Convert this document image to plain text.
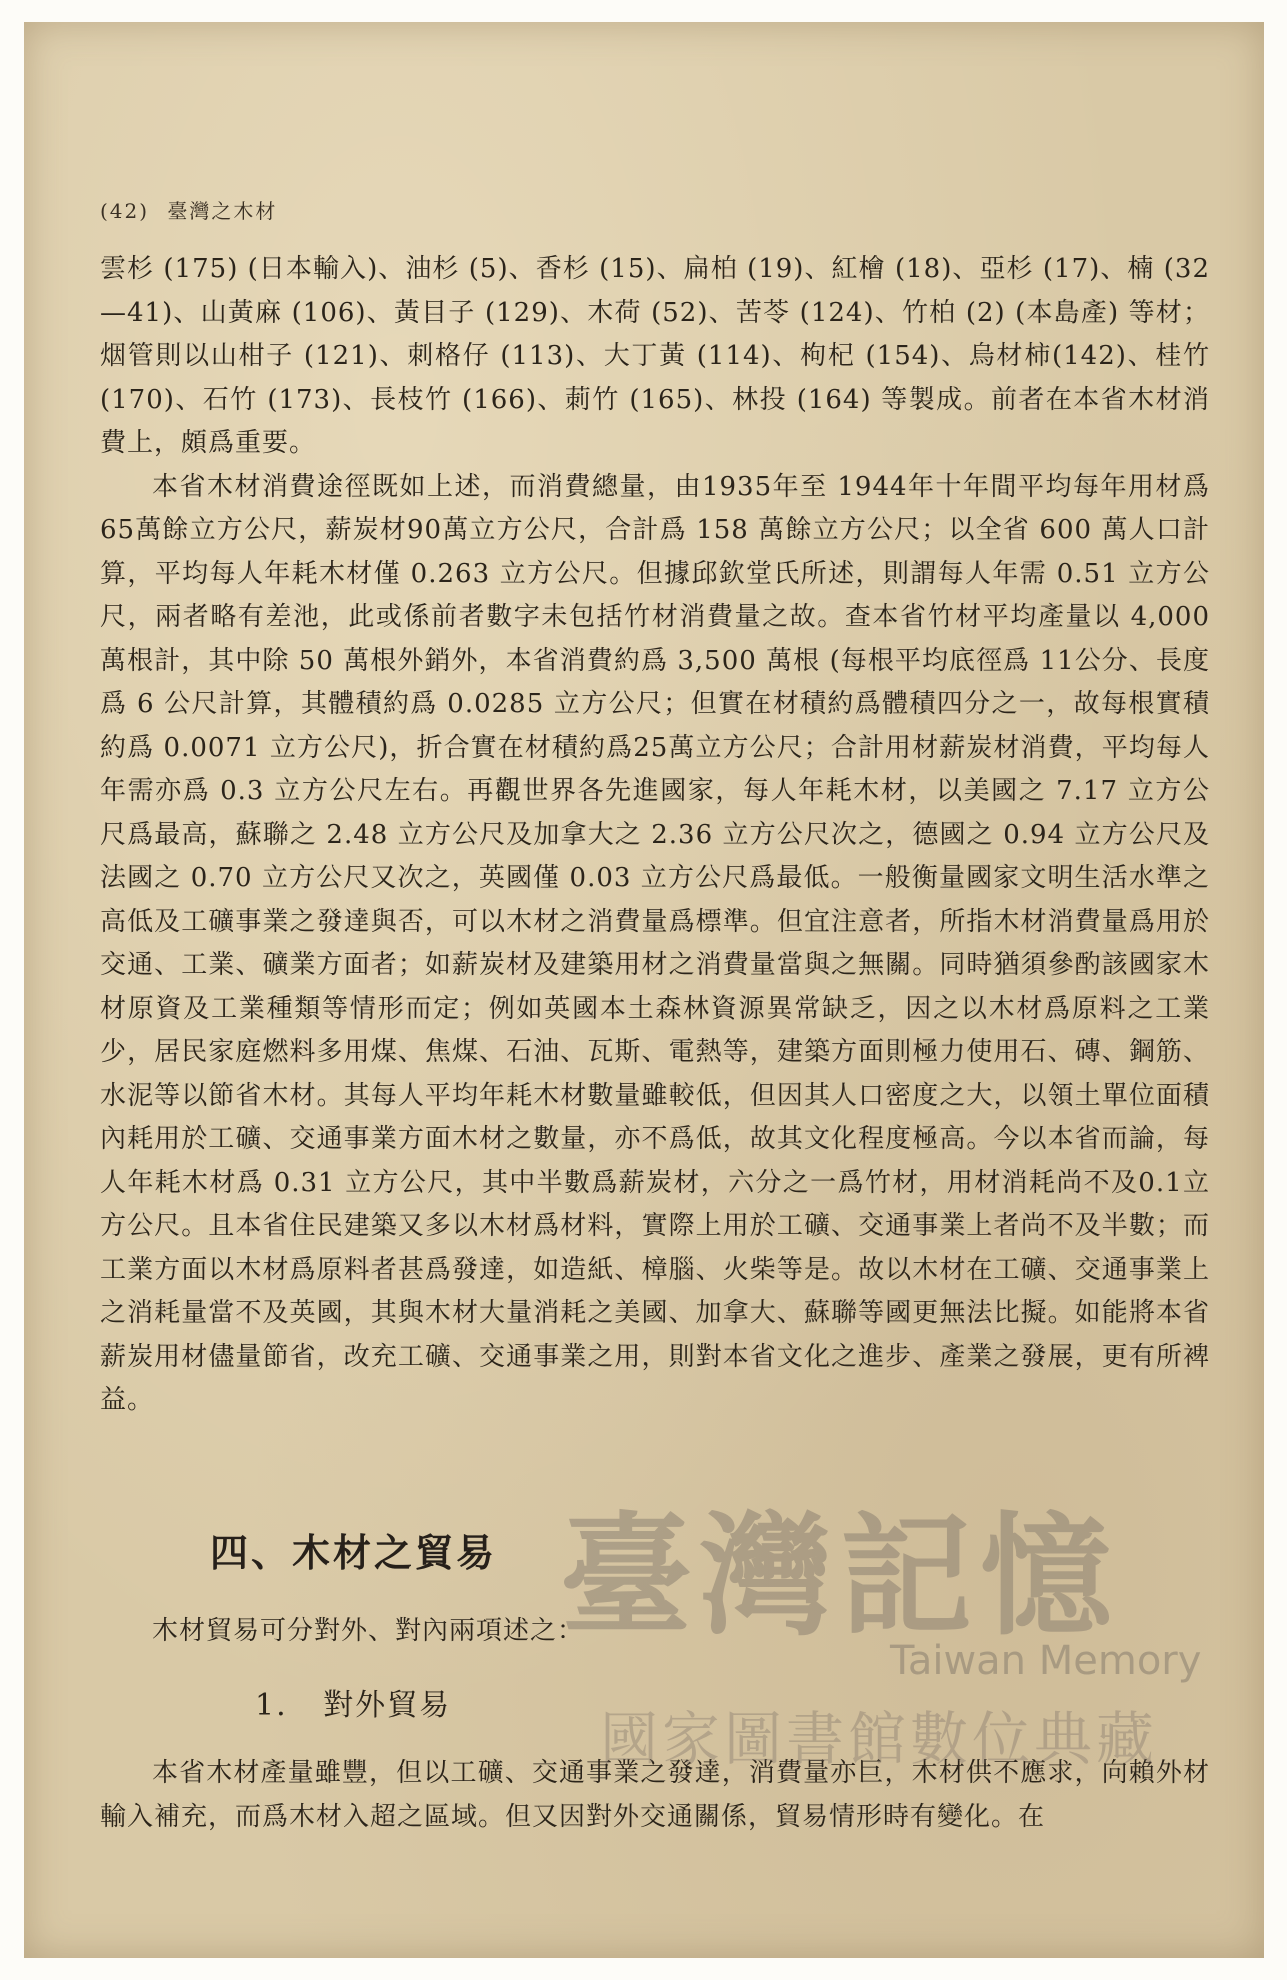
(42) 臺灣之木材

雲杉 (175) (日本輸入)、油杉 (5)、香杉 (15)、扁柏 (19)、紅檜 (18)、亞杉 (17)、楠 (32—41)、山黃麻 (106)、黃目子 (129)、木荷 (52)、苦苓 (124)、竹柏 (2) (本島產) 等材；烟管則以山柑子 (121)、刺格仔 (113)、大丁黃 (114)、枸杞 (154)、烏材柿(142)、桂竹 (170)、石竹 (173)、長枝竹 (166)、莿竹 (165)、林投 (164) 等製成。前者在本省木材消費上，頗爲重要。

本省木材消費途徑既如上述，而消費總量，由1935年至 1944年十年間平均每年用材爲65萬餘立方公尺，薪炭材90萬立方公尺，合計爲 158 萬餘立方公尺；以全省 600 萬人口計算，平均每人年耗木材僅 0.263 立方公尺。但據邱欽堂氏所述，則謂每人年需 0.51 立方公尺，兩者略有差池，此或係前者數字未包括竹材消費量之故。查本省竹材平均產量以 4,000 萬根計，其中除 50 萬根外銷外，本省消費約爲 3,500 萬根 (每根平均底徑爲 11公分、長度爲 6 公尺計算，其體積約爲 0.0285 立方公尺；但實在材積約爲體積四分之一，故每根實積約爲 0.0071 立方公尺)，折合實在材積約爲25萬立方公尺；合計用材薪炭材消費，平均每人年需亦爲 0.3 立方公尺左右。再觀世界各先進國家，每人年耗木材，以美國之 7.17 立方公尺爲最高，蘇聯之 2.48 立方公尺及加拿大之 2.36 立方公尺次之，德國之 0.94 立方公尺及法國之 0.70 立方公尺又次之，英國僅 0.03 立方公尺爲最低。一般衡量國家文明生活水準之高低及工礦事業之發達與否，可以木材之消費量爲標準。但宜注意者，所指木材消費量爲用於交通、工業、礦業方面者；如薪炭材及建築用材之消費量當與之無關。同時猶須參酌該國家木材原資及工業種類等情形而定；例如英國本土森林資源異常缺乏，因之以木材爲原料之工業少，居民家庭燃料多用煤、焦煤、石油、瓦斯、電熱等，建築方面則極力使用石、磚、鋼筋、水泥等以節省木材。其每人平均年耗木材數量雖較低，但因其人口密度之大，以領土單位面積內耗用於工礦、交通事業方面木材之數量，亦不爲低，故其文化程度極高。今以本省而論，每人年耗木材爲 0.31 立方公尺，其中半數爲薪炭材，六分之一爲竹材，用材消耗尚不及0.1立方公尺。且本省住民建築又多以木材爲材料，實際上用於工礦、交通事業上者尚不及半數；而工業方面以木材爲原料者甚爲發達，如造紙、樟腦、火柴等是。故以木材在工礦、交通事業上之消耗量當不及英國，其與木材大量消耗之美國、加拿大、蘇聯等國更無法比擬。如能將本省薪炭用材儘量節省，改充工礦、交通事業之用，則對本省文化之進步、產業之發展，更有所裨益。

四、木材之貿易
木材貿易可分對外、對內兩項述之：
1. 對外貿易

本省木材產量雖豐，但以工礦、交通事業之發達，消費量亦巨，木材供不應求，向賴外材輸入補充，而爲木材入超之區域。但又因對外交通關係，貿易情形時有變化。在

臺灣記憶
Taiwan Memory
國家圖書館數位典藏
